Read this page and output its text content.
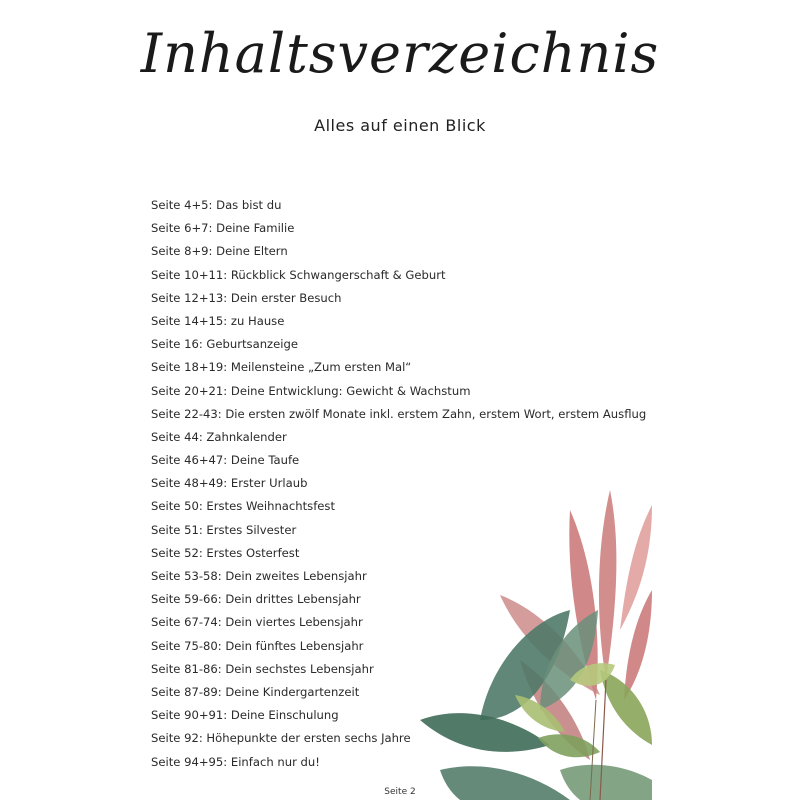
Inhaltsverzeichnis
Alles auf einen Blick
Seite 4+5: Das bist du
Seite 6+7: Deine Familie
Seite 8+9: Deine Eltern
Seite 10+11: Rückblick Schwangerschaft & Geburt
Seite 12+13: Dein erster Besuch
Seite 14+15: zu Hause
Seite 16: Geburtsanzeige
Seite 18+19: Meilensteine „Zum ersten Mal“
Seite 20+21: Deine Entwicklung: Gewicht & Wachstum
Seite 22-43: Die ersten zwölf Monate inkl. erstem Zahn, erstem Wort, erstem Ausflug
Seite 44: Zahnkalender
Seite 46+47: Deine Taufe
Seite 48+49: Erster Urlaub
Seite 50: Erstes Weihnachtsfest
Seite 51: Erstes Silvester
Seite 52: Erstes Osterfest
Seite 53-58: Dein zweites Lebensjahr
Seite 59-66: Dein drittes Lebensjahr
Seite 67-74: Dein viertes Lebensjahr
Seite 75-80: Dein fünftes Lebensjahr
Seite 81-86: Dein sechstes Lebensjahr
Seite 87-89: Deine Kindergartenzeit
Seite 90+91: Deine Einschulung
Seite 92: Höhepunkte der ersten sechs Jahre
Seite 94+95: Einfach nur du!
Seite 2
